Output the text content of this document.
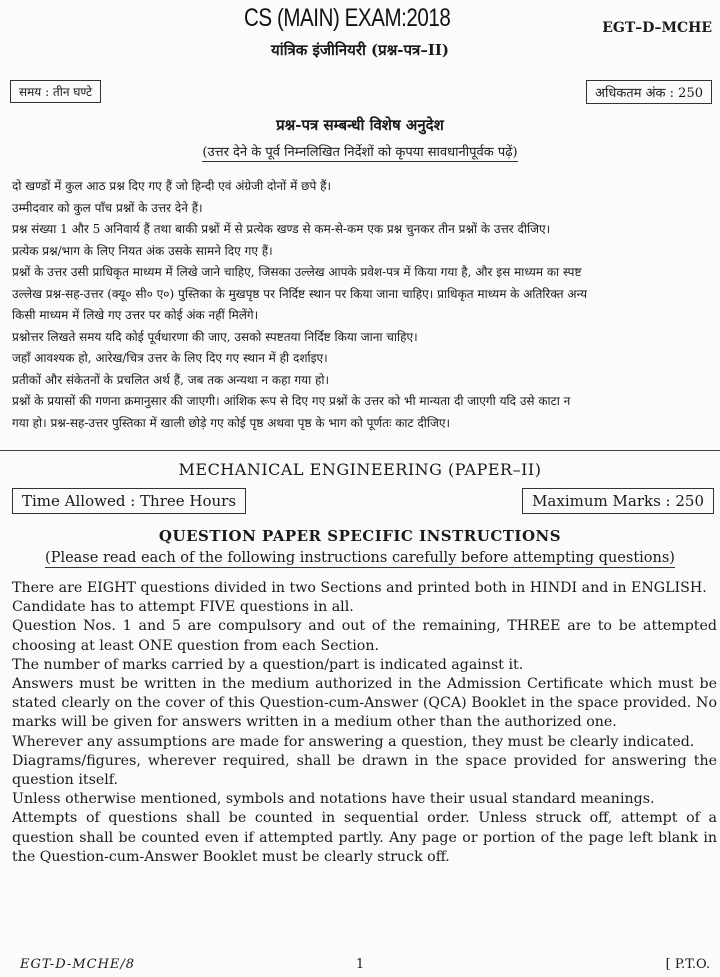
CS (MAIN) EXAM:2018	EGT–D–MCHE
यांत्रिक इंजीनियरी (प्रश्न-पत्र–II)
समय : तीन घण्टे	अधिकतम अंक : 250
प्रश्न-पत्र सम्बन्धी विशेष अनुदेश
(उत्तर देने के पूर्व निम्नलिखित निर्देशों को कृपया सावधानीपूर्वक पढ़ें)

दो खण्डों में कुल आठ प्रश्न दिए गए हैं जो हिन्दी एवं अंग्रेजी दोनों में छपे हैं।

उम्मीदवार को कुल पाँच प्रश्नों के उत्तर देने हैं।

प्रश्न संख्या 1 और 5 अनिवार्य हैं तथा बाकी प्रश्नों में से प्रत्येक खण्ड से कम-से-कम एक प्रश्न चुनकर तीन प्रश्नों के उत्तर दीजिए।

प्रत्येक प्रश्न/भाग के लिए नियत अंक उसके सामने दिए गए हैं।

प्रश्नों के उत्तर उसी प्राधिकृत माध्यम में लिखे जाने चाहिए, जिसका उल्लेख आपके प्रवेश-पत्र में किया गया है, और इस माध्यम का स्पष्ट

उल्लेख प्रश्न-सह-उत्तर (क्यू० सी० ए०) पुस्तिका के मुखपृष्ठ पर निर्दिष्ट स्थान पर किया जाना चाहिए। प्राधिकृत माध्यम के अतिरिक्त अन्य

किसी माध्यम में लिखे गए उत्तर पर कोई अंक नहीं मिलेंगे।

प्रश्नोत्तर लिखते समय यदि कोई पूर्वधारणा की जाए, उसको स्पष्टतया निर्दिष्ट किया जाना चाहिए।

जहाँ आवश्यक हो, आरेख/चित्र उत्तर के लिए दिए गए स्थान में ही दर्शाइए।

प्रतीकों और संकेतनों के प्रचलित अर्थ हैं, जब तक अन्यथा न कहा गया हो।

प्रश्नों के प्रयासों की गणना क्रमानुसार की जाएगी। आंशिक रूप से दिए गए प्रश्नों के उत्तर को भी मान्यता दी जाएगी यदि उसे काटा न

गया हो। प्रश्न-सह-उत्तर पुस्तिका में खाली छोड़े गए कोई पृष्ठ अथवा पृष्ठ के भाग को पूर्णतः काट दीजिए।

MECHANICAL ENGINEERING (PAPER–II)
Time Allowed : Three Hours	Maximum Marks : 250
QUESTION PAPER SPECIFIC INSTRUCTIONS
(Please read each of the following instructions carefully before attempting questions)

There are EIGHT questions divided in two Sections and printed both in HINDI and in ENGLISH.

Candidate has to attempt FIVE questions in all.

Question Nos. 1 and 5 are compulsory and out of the remaining, THREE are to be attempted choosing at least ONE question from each Section.

The number of marks carried by a question/part is indicated against it.

Answers must be written in the medium authorized in the Admission Certificate which must be stated clearly on the cover of this Question-cum-Answer (QCA) Booklet in the space provided. No marks will be given for answers written in a medium other than the authorized one.

Wherever any assumptions are made for answering a question, they must be clearly indicated.

Diagrams/figures, wherever required, shall be drawn in the space provided for answering the question itself.

Unless otherwise mentioned, symbols and notations have their usual standard meanings.

Attempts of questions shall be counted in sequential order. Unless struck off, attempt of a question shall be counted even if attempted partly. Any page or portion of the page left blank in the Question-cum-Answer Booklet must be clearly struck off.

EGT-D-MCHE/8	1	[ P.T.O.
